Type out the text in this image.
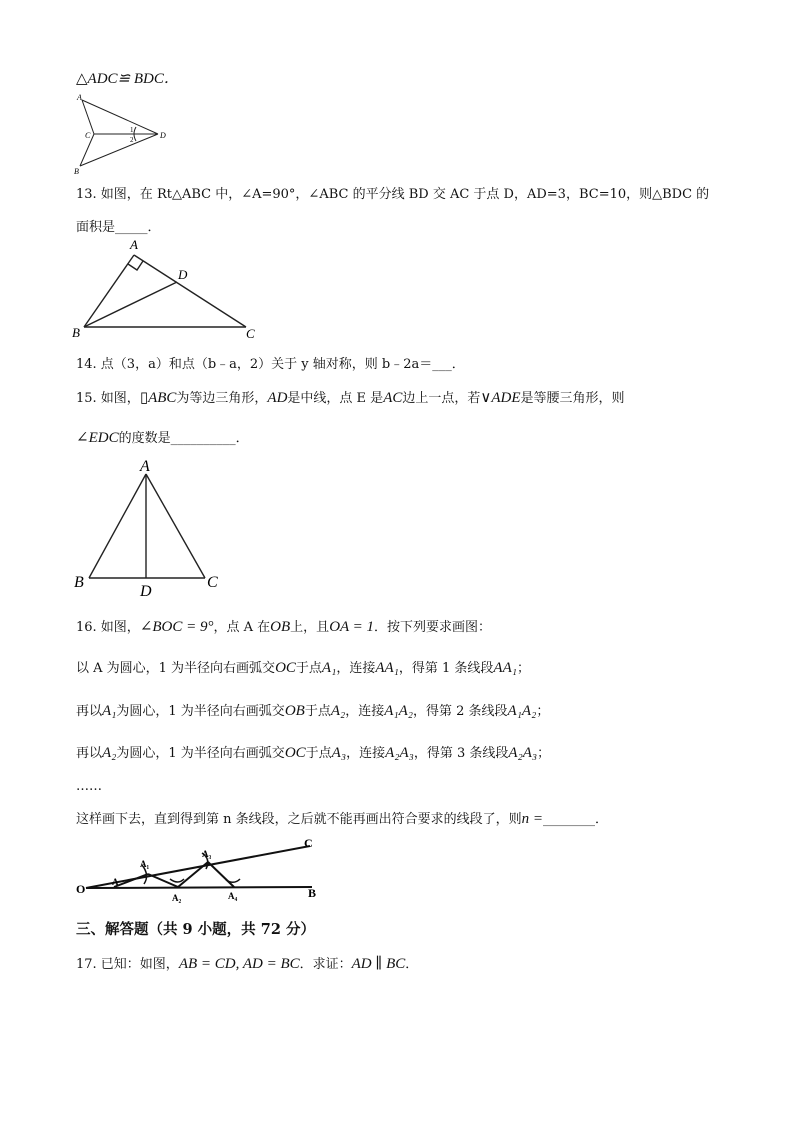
△ADC≌ BDC．
A
B
C	D
1
2
13. 如图，在 Rt△ABC 中，∠A=90°，∠ABC 的平分线 BD 交 AC 于点 D，AD=3，BC=10，则△BDC 的
面积是_____．
A
D
B	C
14. 点（3，a）和点（b﹣a，2）关于 y 轴对称，则 b﹣2a＝___．
15. 如图，▯ABC为等边三角形，AD是中线，点 E 是AC边上一点，若∨ADE是等腰三角形，则
∠EDC的度数是__________．
A
B
D
C
16. 如图，∠BOC = 9°，点 A 在OB上，且OA = 1．按下列要求画图：
以 A 为圆心，1 为半径向右画弧交OC于点A₁，连接AA₁，得第 1 条线段AA₁；
再以A₁为圆心，1 为半径向右画弧交OB于点A₂，连接A₁A₂，得第 2 条线段A₁A₂；
再以A₂为圆心，1 为半径向右画弧交OC于点A₃，连接A₂A₃，得第 3 条线段A₂A₃；
……
这样画下去，直到得到第 n 条线段，之后就不能再画出符合要求的线段了，则n =________．
O	A
A₁
A₂
A₃
A₄	B
C
三、解答题（共 9 小题，共 72 分）
17. 已知：如图，AB = CD, AD = BC．求证：AD ∥ BC．
